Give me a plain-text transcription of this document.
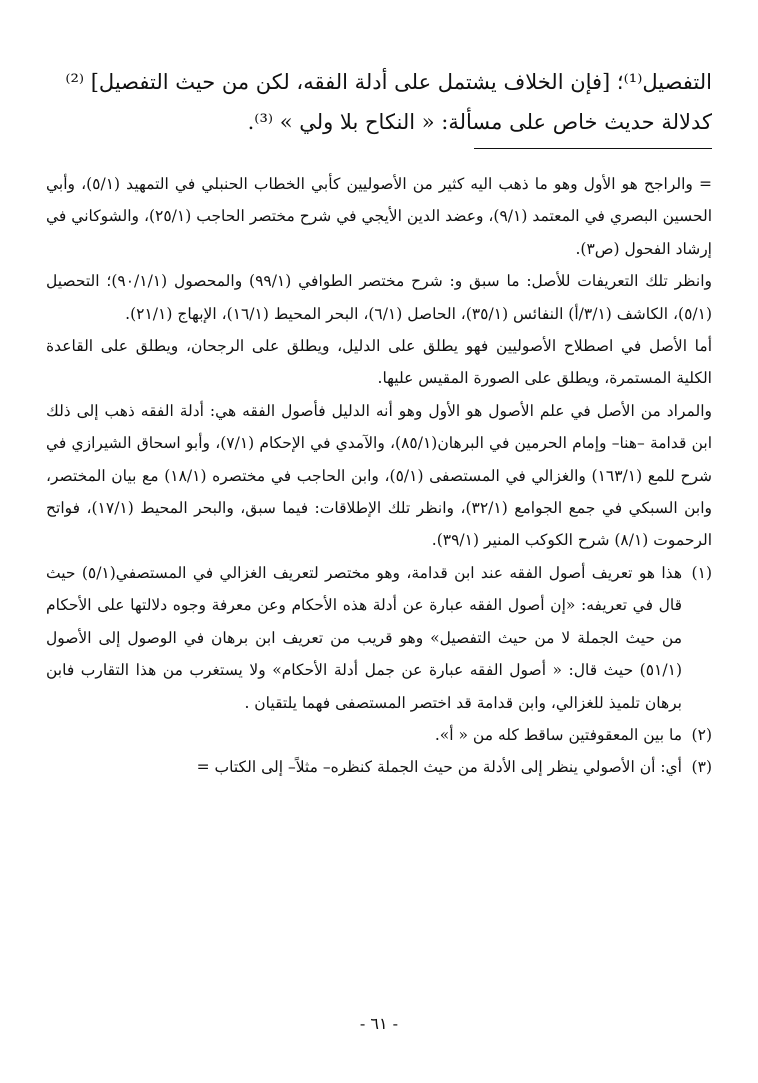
التفصيل⁽¹⁾؛ [فإن الخلاف يشتمل على أدلة الفقه، لكن من حيث التفصيل] ⁽²⁾

كدلالة حديث خاص على مسألة: « النكاح بلا ولي » ⁽³⁾.

= والراجح هو الأول وهو ما ذهب اليه كثير من الأصوليين كأبي الخطاب الحنبلي في التمهيد (٥/١)، وأبي الحسين البصري في المعتمد (٩/١)، وعضد الدين الأيجي في شرح مختصر الحاجب (٢٥/١)، والشوكاني في إرشاد الفحول (ص٣).

وانظر تلك التعريفات للأصل: ما سبق و: شرح مختصر الطوافي (٩٩/١) والمحصول (٩٠/١/١)؛ التحصيل (٥/١)، الكاشف (٣/١/أ) النفائس (٣٥/١)، الحاصل (٦/١)، البحر المحيط (١٦/١)، الإبهاج (٢١/١).

أما الأصل في اصطلاح الأصوليين فهو يطلق على الدليل، ويطلق على الرجحان، ويطلق على القاعدة الكلية المستمرة، ويطلق على الصورة المقيس عليها.

والمراد من الأصل في علم الأصول هو الأول وهو أنه الدليل فأصول الفقه هي: أدلة الفقه ذهب إلى ذلك ابن قدامة –هنا– وإمام الحرمين في البرهان(٨٥/١)، والآمدي في الإحكام (٧/١)، وأبو اسحاق الشيرازي في شرح للمع (١٦٣/١) والغزالي في المستصفى (٥/١)، وابن الحاجب في مختصره (١٨/١) مع بيان المختصر، وابن السبكي في جمع الجوامع (٣٢/١)، وانظر تلك الإطلاقات: فيما سبق، والبحر المحيط (١٧/١)، فواتح الرحموت (٨/١) شرح الكوكب المنير (٣٩/١).

(١)
هذا هو تعريف أصول الفقه عند ابن قدامة، وهو مختصر لتعريف الغزالي في المستصفي(٥/١) حيث قال في تعريفه: «إن أصول الفقه عبارة عن أدلة هذه الأحكام وعن معرفة وجوه دلالتها على الأحكام من حيث الجملة لا من حيث التفصيل» وهو قريب من تعريف ابن برهان في الوصول إلى الأصول (٥١/١) حيث قال: « أصول الفقه عبارة عن جمل أدلة الأحكام» ولا يستغرب من هذا التقارب فابن برهان تلميذ للغزالي، وابن قدامة قد اختصر المستصفى فهما يلتقيان .

(٢)
ما بين المعقوفتين ساقط كله من « أ».

(٣)
أي: أن الأصولي ينظر إلى الأدلة من حيث الجملة كنظره– مثلاً– إلى الكتاب =

- ٦١ -
